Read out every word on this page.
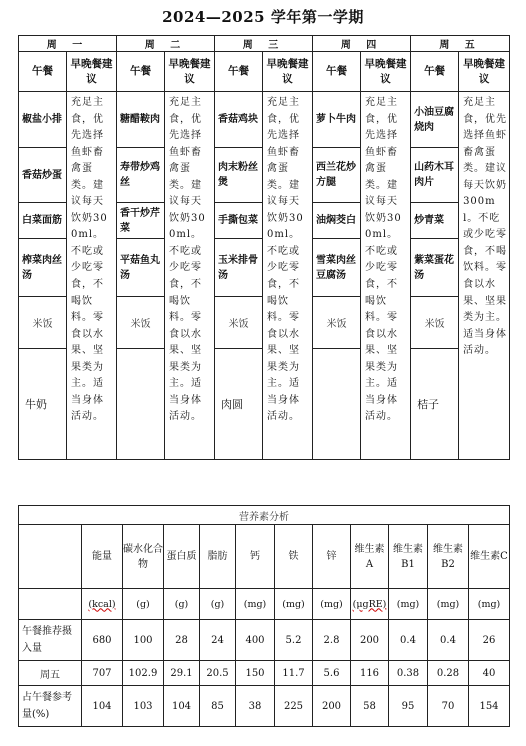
2024—2025 学年第一学期
周 一		周 二		周 三		周 四		周 五	
午餐	早晚餐建议	午餐	早晚餐建议	午餐	早晚餐建议	午餐	早晚餐建议	午餐	早晚餐建议
椒盐小排	充足主食，优先选择鱼虾畜禽蛋类。建议每天饮奶300ml。不吃或少吃零食，不喝饮料。零食以水果、坚果类为主。适当身体活动。	糖醋鞍肉	充足主食，优先选择鱼虾畜禽蛋类。建议每天饮奶300ml。不吃或少吃零食，不喝饮料。零食以水果、坚果类为主。适当身体活动。	香菇鸡块	充足主食，优先选择鱼虾畜禽蛋类。建议每天饮奶300ml。不吃或少吃零食，不喝饮料。零食以水果、坚果类为主。适当身体活动。	萝卜牛肉	充足主食，优先选择鱼虾畜禽蛋类。建议每天饮奶300ml。不吃或少吃零食，不喝饮料。零食以水果、坚果类为主。适当身体活动。	小油豆腐烧肉	充足主食，优先选择鱼虾畜禽蛋类。建议每天饮奶300ml。不吃或少吃零食，不喝饮料。零食以水果、坚果类为主。适当身体活动。
香菇炒蛋		寿带炒鸡丝		肉末粉丝煲		西兰花炒方腿		山药木耳肉片	
白菜面筋		香干炒芹菜		手撕包菜		油焖茭白		炒青菜	
榨菜肉丝汤		平菇鱼丸汤		玉米排骨汤		雪菜肉丝豆腐汤		紫菜蛋花汤	
米饭		米饭		米饭		米饭		米饭	
牛奶				肉圆				桔子	
营养素分析											
	能量	碳水化合物	蛋白质	脂肪	钙	铁	锌	维生素A	维生素B1	维生素B2	维生素C
	(kcal)	(g)	(g)	(g)	(mg)	(mg)	(mg)	(μgRE)	(mg)	(mg)	(mg)
午餐推荐摄入量	680	100	28	24	400	5.2	2.8	200	0.4	0.4	26
周五	707	102.9	29.1	20.5	150	11.7	5.6	116	0.38	0.28	40
占午餐参考量(%)	104	103	104	85	38	225	200	58	95	70	154
